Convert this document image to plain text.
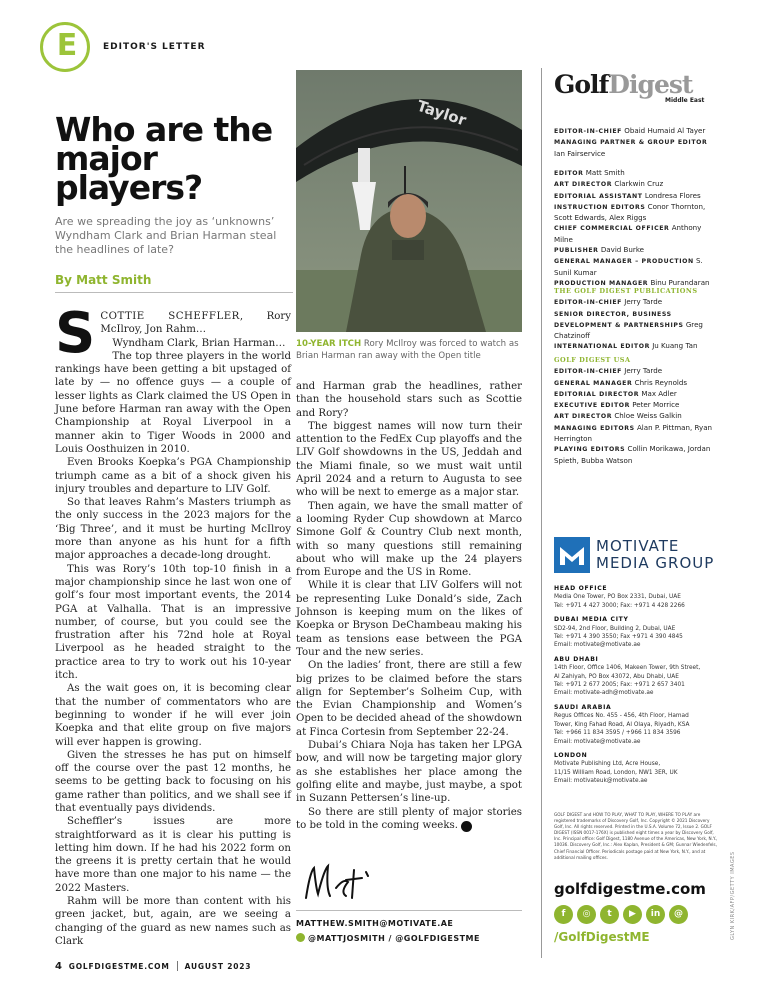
E	EDITOR'S LETTER
Who are the major players?
Are we spreading the joy as ‘unknowns’ Wyndham Clark and Brian Harman steal the headlines of late?
By Matt Smith

SCOTTIE SCHEFFLER, Rory McIlroy, Jon Rahm…

Wyndham Clark, Brian Harman…

The top three players in the world rankings have been getting a bit upstaged of late by — no offence guys — a couple of lesser lights as Clark claimed the US Open in June before Harman ran away with the Open Championship at Royal Liverpool in a manner akin to Tiger Woods in 2000 and Louis Oosthuizen in 2010.

Even Brooks Koepka’s PGA Championship triumph came as a bit of a shock given his injury troubles and departure to LIV Golf.

So that leaves Rahm’s Masters triumph as the only success in the 2023 majors for the ‘Big Three’, and it must be hurting McIlroy more than anyone as his hunt for a fifth major approaches a decade-long drought.

This was Rory’s 10th top-10 finish in a major championship since he last won one of golf’s four most important events, the 2014 PGA at Valhalla. That is an impressive number, of course, but you could see the frustration after his 72nd hole at Royal Liverpool as he headed straight to the practice area to try to work out his 10-year itch.

As the wait goes on, it is becoming clear that the number of commentators who are beginning to wonder if he will ever join Koepka and that elite group on five majors will ever happen is growing.

Given the stresses he has put on himself off the course over the past 12 months, he seems to be getting back to focusing on his game rather than politics, and we shall see if that eventually pays dividends.

Scheffler’s issues are more straightforward as it is clear his putting is letting him down. If he had his 2022 form on the greens it is pretty certain that he would have more than one major to his name — the 2022 Masters.

Rahm will be more than content with his green jacket, but, again, are we seeing a changing of the guard as new names such as Clark

Taylor
10-YEAR ITCH Rory McIlroy was forced to watch as Brian Harman ran away with the Open title

and Harman grab the headlines, rather than the household stars such as Scottie and Rory?

The biggest names will now turn their attention to the FedEx Cup playoffs and the LIV Golf showdowns in the US, Jeddah and the Miami finale, so we must wait until April 2024 and a return to Augusta to see who will be next to emerge as a major star.

Then again, we have the small matter of a looming Ryder Cup showdown at Marco Simone Golf & Country Club next month, with so many questions still remaining about who will make up the 24 players from Europe and the US in Rome.

While it is clear that LIV Golfers will not be representing Luke Donald’s side, Zach Johnson is keeping mum on the likes of Koepka or Bryson DeChambeau making his team as tensions ease between the PGA Tour and the new series.

On the ladies’ front, there are still a few big prizes to be claimed before the stars align for September’s Solheim Cup, with the Evian Championship and Women’s Open to be decided ahead of the showdown at Finca Cortesin from September 22-24.

Dubai’s Chiara Noja has taken her LPGA bow, and will now be targeting major glory as she establishes her place among the golfing elite and maybe, just maybe, a spot in Suzann Pettersen’s line-up.

So there are still plenty of major stories to be told in the coming weeks. G

MATTHEW.SMITH@MOTIVATE.AE
@MATTJOSMITH / @GOLFDIGESTME
4 GOLFDIGESTME.COM AUGUST 2023
GolfDigest
Middle East
EDITOR-IN-CHIEF Obaid Humaid Al Tayer
MANAGING PARTNER & GROUP EDITOR Ian Fairservice
EDITOR Matt Smith
ART DIRECTOR Clarkwin Cruz
EDITORIAL ASSISTANT Londresa Flores
INSTRUCTION EDITORS Conor Thornton, Scott Edwards, Alex Riggs
CHIEF COMMERCIAL OFFICER Anthony Milne
PUBLISHER David Burke
GENERAL MANAGER – PRODUCTION S. Sunil Kumar
PRODUCTION MANAGER Binu Purandaran
THE GOLF DIGEST PUBLICATIONS
EDITOR-IN-CHIEF Jerry Tarde
SENIOR DIRECTOR, BUSINESS DEVELOPMENT & PARTNERSHIPS Greg Chatzinoff
INTERNATIONAL EDITOR Ju Kuang Tan
GOLF DIGEST USA
EDITOR-IN-CHIEF Jerry Tarde
GENERAL MANAGER Chris Reynolds
EDITORIAL DIRECTOR Max Adler
EXECUTIVE EDITOR Peter Morrice
ART DIRECTOR Chloe Weiss Galkin
MANAGING EDITORS Alan P. Pittman, Ryan Herrington
PLAYING EDITORS Collin Morikawa, Jordan Spieth, Bubba Watson
MOTIVATE
MEDIA GROUP
HEAD OFFICE
Media One Tower, PO Box 2331, Dubai, UAE
Tel: +971 4 427 3000; Fax: +971 4 428 2266
DUBAI MEDIA CITY
SD2-94, 2nd Floor, Building 2, Dubai, UAE
Tel: +971 4 390 3550; Fax +971 4 390 4845
Email: motivate@motivate.ae
ABU DHABI
14th Floor, Office 1406, Makeen Tower, 9th Street,
Al Zahiyah, PO Box 43072, Abu Dhabi, UAE
Tel: +971 2 677 2005; Fax: +971 2 657 3401
Email: motivate-adh@motivate.ae
SAUDI ARABIA
Regus Offices No. 455 - 456, 4th Floor, Hamad
Tower, King Fahad Road, Al Olaya, Riyadh, KSA
Tel: +966 11 834 3595 / +966 11 834 3596
Email: motivate@motivate.ae
LONDON
Motivate Publishing Ltd, Acre House,
11/15 William Road, London, NW1 3ER, UK
Email: motivateuk@motivate.ae
GOLF DIGEST and HOW TO PLAY, WHAT TO PLAY, WHERE TO PLAY are registered trademarks of Discovery Golf, Inc. Copyright © 2021 Discovery Golf, Inc. All rights reserved. Printed in the U.S.A. Volume 72, Issue 2. GOLF DIGEST (ISSN 0017-176X) is published eight times a year by Discovery Golf, Inc. Principal office: Golf Digest, 1180 Avenue of the Americas, New York, N.Y., 10036. Discovery Golf, Inc.: Alex Kaplan, President & GM; Gunnar Wiedenfels, Chief Financial Officer. Periodicals postage paid at New York, N.Y., and at additional mailing offices.
golfdigestme.com
f	◎	t	▶	in	@
/GolfDigestME	GLYN KIRK/AFP/GETTY IMAGES
